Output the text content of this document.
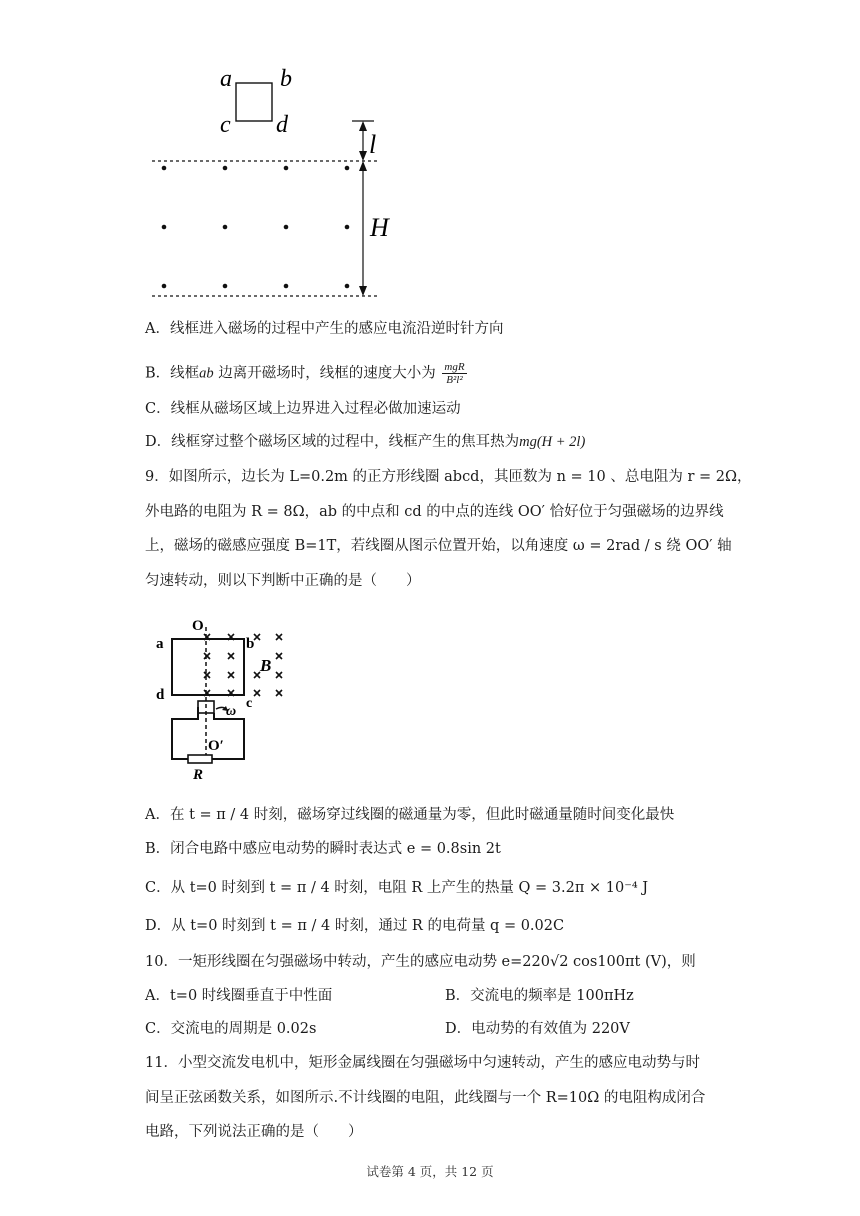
a b
c d
l
H
A．线框进入磁场的过程中产生的感应电流沿逆时针方向
B．线框ab 边离开磁场时，线框的速度大小为 $\frac{\text{mgR}}{\text{B²l²}}$
C．线框从磁场区域上边界进入过程必做加速运动
D．线框穿过整个磁场区域的过程中，线框产生的焦耳热为mg(H + 2l)
9．如图所示，边长为 L=0.2m 的正方形线圈 abcd，其匝数为 n = 10 、总电阻为 r = 2Ω，
外电路的电阻为 R = 8Ω，ab 的中点和 cd 的中点的连线 OO′ 恰好位于匀强磁场的边界线
上，磁场的磁感应强度 B=1T，若线圈从图示位置开始，以角速度 ω = 2rad / s 绕 OO′ 轴
匀速转动，则以下判断中正确的是（　　）
O
a	b
d
c
B
ω
O′
R
A．在 t = π / 4 时刻，磁场穿过线圈的磁通量为零，但此时磁通量随时间变化最快
B．闭合电路中感应电动势的瞬时表达式 e = 0.8sin 2t
C．从 t=0 时刻到 t = π / 4 时刻，电阻 R 上产生的热量 Q = 3.2π × 10⁻⁴ J
D．从 t=0 时刻到 t = π / 4 时刻，通过 R 的电荷量 q = 0.02C
10．一矩形线圈在匀强磁场中转动，产生的感应电动势 e=220√2 cos100πt (V)，则
A．t=0 时线圈垂直于中性面	B．交流电的频率是 100πHz
C．交流电的周期是 0.02s	D．电动势的有效值为 220V
11．小型交流发电机中，矩形金属线圈在匀强磁场中匀速转动，产生的感应电动势与时
间呈正弦函数关系，如图所示.不计线圈的电阻，此线圈与一个 R=10Ω 的电阻构成闭合
电路，下列说法正确的是（　　）
试卷第 4 页，共 12 页
